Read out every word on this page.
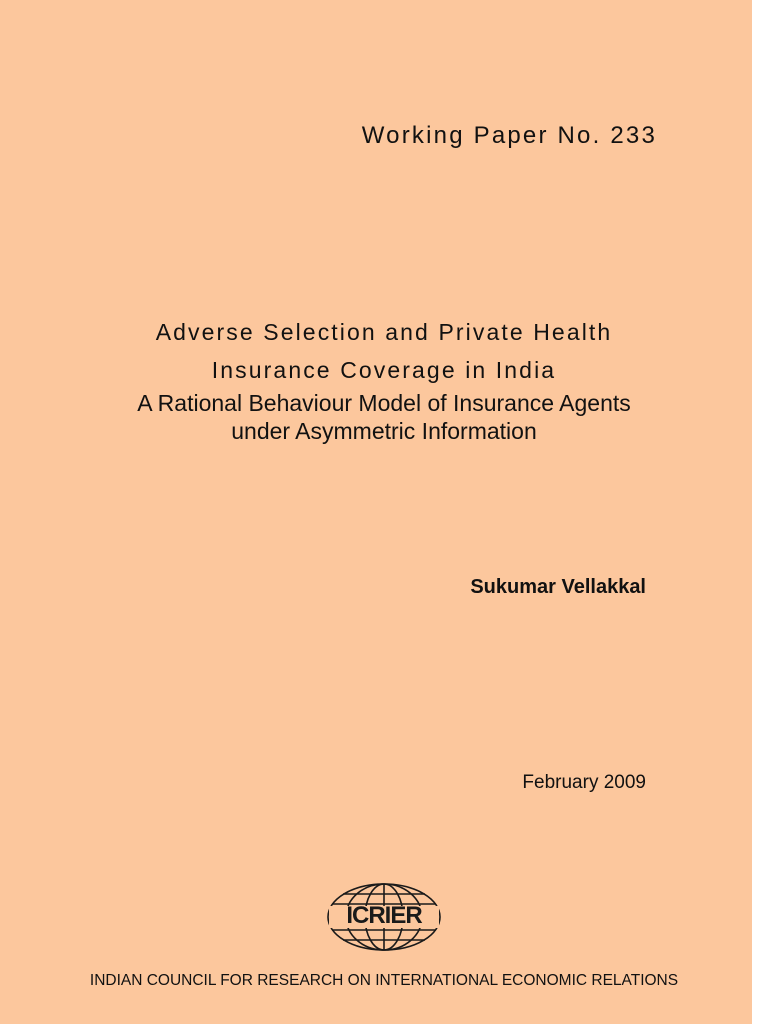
Working Paper No. 233
Adverse Selection and Private Health
Insurance Coverage in India
A Rational Behaviour Model of Insurance Agents
under Asymmetric Information
Sukumar Vellakkal
February 2009
ICRIER
INDIAN COUNCIL FOR RESEARCH ON INTERNATIONAL ECONOMIC RELATIONS
